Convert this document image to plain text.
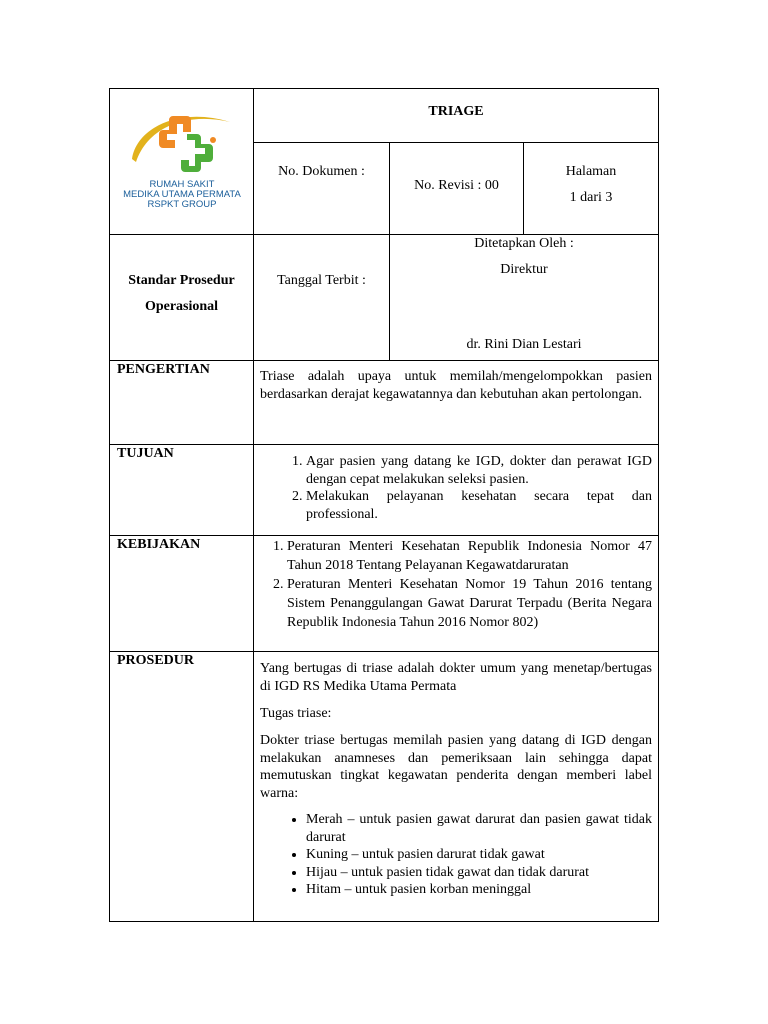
RUMAH SAKIT
MEDIKA UTAMA PERMATA
RSPKT GROUP
TRIAGE
No. Dokumen :
No. Revisi : 00
Halaman
1 dari 3
Standar Prosedur
Operasional
Tanggal Terbit :
Ditetapkan Oleh :
Direktur
dr. Rini Dian Lestari
PENGERTIAN	Triase adalah upaya untuk memilah/mengelompokkan pasien berdasarkan derajat kegawatannya dan kebutuhan akan pertolongan.
TUJUAN
1. Agar pasien yang datang ke IGD, dokter dan perawat IGD dengan cepat melakukan seleksi pasien.
2. Melakukan pelayanan kesehatan secara tepat dan professional.
KEBIJAKAN
1.	Peraturan Menteri Kesehatan Republik Indonesia Nomor 47 Tahun 2018 Tentang Pelayanan Kegawatdaruratan
2. Peraturan Menteri Kesehatan Nomor 19 Tahun 2016 tentang Sistem Penanggulangan Gawat Darurat Terpadu (Berita Negara Republik Indonesia Tahun 2016 Nomor 802)
PROSEDUR
Yang bertugas di triase adalah dokter umum yang menetap/bertugas di IGD RS Medika Utama Permata
Tugas triase:
Dokter triase bertugas memilah pasien yang datang di IGD dengan melakukan anamneses dan pemeriksaan lain sehingga dapat memutuskan tingkat kegawatan penderita dengan memberi label warna:
• Merah – untuk pasien gawat darurat dan pasien gawat tidak darurat
• Kuning – untuk pasien darurat tidak gawat
• Hijau – untuk pasien tidak gawat dan tidak darurat
• Hitam – untuk pasien korban meninggal
